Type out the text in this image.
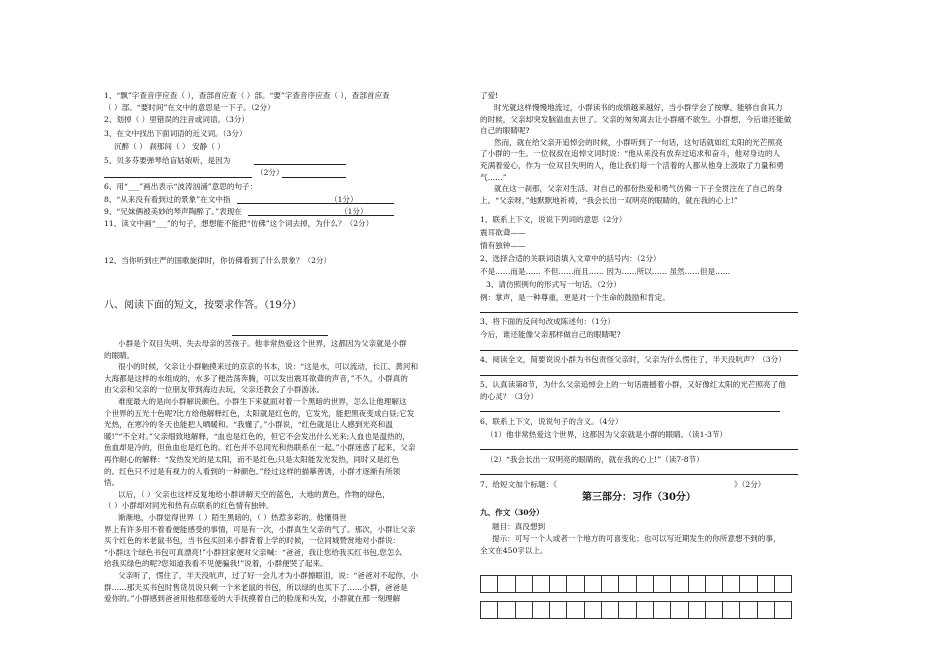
1、“飘”字查音序应查（ ），查部首应查（ ）部。“要”字查音序应查（ ），查部首应查
（ ）部。“要时间”在文中的意思是一下子。（2分）
2、划掉（ ）里错误的注音或词语。（3分）
3、在文中找出下面词语的近义词。（3分）
沉醉（ ） 刹那间（ ） 安静（ ）
5、贝多芬要弹琴给盲姑娘听，是因为
（2分）
6、用“___”画出表示“波涛汹涌”意思的句子：
8、“从来没有看到过的景象”在文中指	（1分）
9、“兄妹俩被美妙的琴声陶醉了。”表现在	（1分）
11、读文中画“___”的句子，想想能不能把“仿佛”这个词去掉，为什么？（2分）
12、当你听到庄严的国歌旋律时，你仿佛看到了什么景象？（2分）
八、阅读下面的短文，按要求作答。（19分）
小群是个双目失明、失去母亲的苦孩子。他非常热爱这个世界，这都因为父亲就是小群
的眼睛。
很小的时候，父亲让小群触摸来过的京京的书本，说：“这是水，可以流动，长江、黄河和
大海都是这样的水组成的，水多了便浩荡奔腾，可以发出震耳欲聋的声音，”不久，小群真的
由父亲和父亲的一位朋友带到海边去玩，父亲还教会了小群游泳。
难度最大的是向小群解说颜色。小群生下来就面对着一个黑暗的世界，怎么让他理解这
个世界的五光十色呢?比方给他解释红色，太阳就是红色的，它发光，能把黑夜变成白昼;它发
光热，在寒冷的冬天也能把人晒暖和。“我懂了，”小群说，“红色就是让人感到光亮和温
暖!”“不全对。”父亲细致地解释，“血也是红色的，但它不会发出什么光来;人血也是温热的，
鱼血却是冷的，但鱼血也是红色的。红色并不总同光和热联系在一起。”小群迷惑了起来，父亲
再作耐心的解释：“发热发光的是太阳，而不是红色;只是太阳能发光发热，同时又是红色
的。红色只不过是有视力的人看到的一种颜色。”经过这样的描摹善诱，小群才逐渐有所领
悟。
以后，（ ）父亲也这样反复地给小群讲解天空的蓝色，大地的黄色，作物的绿色，
（ ）小群却对同光和热有点联系的红色情有独钟。
渐渐地，小群觉得世界（ ）陌生黑暗的，（ ）热惹多彩的。他懂得世
界上有许多用不着看便能感受的事情，可是有一次，小群真生父亲的气了。那次，小群让父亲
买个红色的米老鼠书包，当书包买回来小群背着上学的时候，一位同城赞赏地对小群说：
“小群这个绿色书包可真漂亮!”小群回家便对父亲喊：“爸爸，我让您给我买红书包,您怎么
给我买绿色的呢?您知道我看不见便骗我!”说着，小群便哭了起来。
父亲听了，愣住了，半天没吭声，过了好一会儿才为小群擦眼泪，说：“爸爸对不起你，小
群……那天买书包时售货员说只剩一个米老鼠的书包，所以绿的也买下了……小群，爸爸是
爱你的。”小群感到爸爸用他那慈爱的大手抚摸着自己的脸庞和头发，小群就在那一刻理解
了爱!
时光就这样慢慢地流过，小群读书的成绩越来越好，当小群学会了按摩、能够自食其力
的时候，父亲却突发脑溢血去世了。父亲的匆匆离去让小群痛不欲生。小群想，今后谁还能做
自己的眼睛呢?
然而，就在给父亲开追悼会的时候，小群听到了一句话，这句话就如红太阳的光芒照亮
了小群的一生。一位叔叔在追悼文词时说：“他从来没有放弃过追求和奋斗，他对身边的人
充满着爱心，作为一位双目失明的人，他让我们每一个活着的人都从他身上汲取了力量和勇
气……”
就在这一刹那，父亲对生活、对自己的那份热爱和勇气仿佛一下子全贯注在了自己的身
上。“父亲呀，”他默默地祈祷，“我会长出一双明亮的眼睛的，就在我的心上!”
1、联系上下文，说说下列词的意思（2分）
震耳欲聋——
情有独钟——
2、选择合适的关联词语填入文章中的括号内：（2分）
不是……而是…… 不但……而且…… 因为……所以…… 虽然……但是……
3、请仿照例句的形式写一句话。（2分）
例：掌声，是一种尊重，更是对一个生命的鼓励和肯定。
3、将下面的反问句改成陈述句：（1分）
今后，谁还能像父亲那样做自己的眼睛呢?
4、阅读全文，简要说说小群为书包责怪父亲时，父亲为什么愣住了，半天没吭声？（3分）
5、认真读第8节，为什么父亲追悼会上的一句话震撼着小群，又好像红太阳的光芒照亮了他
的心灵？（3分）
6、联系上下文，说说句子的含义。（4分）
（1）他非常热爱这个世界，这都因为父亲就是小群的眼睛。（读1-3节）
（2）“我会长出一双明亮的眼睛的，就在我的心上!”（读7-8节）
7、给短文加个标题：《	》（2分）
第三部分：习作（30分）
九、作文（30分）
题目：真没想到
提示：可写一个人或者一个地方的可喜变化；也可以写近期发生的你所意想不到的事，
全文在450字以上。
